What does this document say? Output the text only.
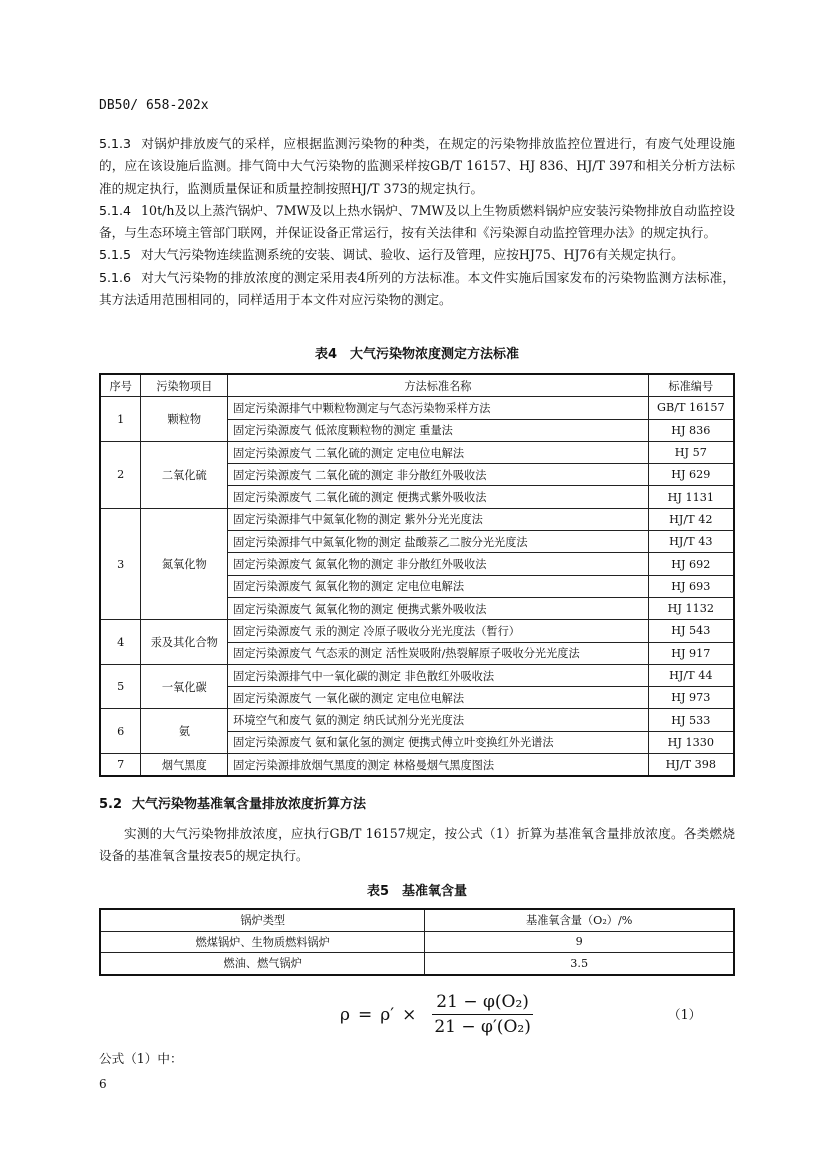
DB50/ 658-202x

5.1.3 对锅炉排放废气的采样，应根据监测污染物的种类，在规定的污染物排放监控位置进行，有废气处理设施的，应在该设施后监测。排气筒中大气污染物的监测采样按GB/T 16157、HJ 836、HJ/T 397和相关分析方法标准的规定执行，监测质量保证和质量控制按照HJ/T 373的规定执行。

5.1.4 10t/h及以上蒸汽锅炉、7MW及以上热水锅炉、7MW及以上生物质燃料锅炉应安装污染物排放自动监控设备，与生态环境主管部门联网，并保证设备正常运行，按有关法律和《污染源自动监控管理办法》的规定执行。

5.1.5 对大气污染物连续监测系统的安装、调试、验收、运行及管理，应按HJ75、HJ76有关规定执行。

5.1.6 对大气污染物的排放浓度的测定采用表4所列的方法标准。本文件实施后国家发布的污染物监测方法标准，其方法适用范围相同的，同样适用于本文件对应污染物的测定。

表4　大气污染物浓度测定方法标准
序号	污染物项目	方法标准名称	标准编号
1	颗粒物	固定污染源排气中颗粒物测定与气态污染物采样方法	GB/T 16157
		固定污染源废气 低浓度颗粒物的测定 重量法	HJ 836
2	二氧化硫	固定污染源废气 二氧化硫的测定 定电位电解法	HJ 57
		固定污染源废气 二氧化硫的测定 非分散红外吸收法	HJ 629
		固定污染源废气 二氧化硫的测定 便携式紫外吸收法	HJ 1131
3	氮氧化物	固定污染源排气中氮氧化物的测定 紫外分光光度法	HJ/T 42
		固定污染源排气中氮氧化物的测定 盐酸萘乙二胺分光光度法	HJ/T 43
		固定污染源废气 氮氧化物的测定 非分散红外吸收法	HJ 692
		固定污染源废气 氮氧化物的测定 定电位电解法	HJ 693
		固定污染源废气 氮氧化物的测定 便携式紫外吸收法	HJ 1132
4	汞及其化合物	固定污染源废气 汞的测定 冷原子吸收分光光度法（暂行）	HJ 543
		固定污染源废气 气态汞的测定 活性炭吸附/热裂解原子吸收分光光度法	HJ 917
5	一氧化碳	固定污染源排气中一氧化碳的测定 非色散红外吸收法	HJ/T 44
		固定污染源废气 一氧化碳的测定 定电位电解法	HJ 973
6	氨	环境空气和废气 氨的测定 纳氏试剂分光光度法	HJ 533
		固定污染源废气 氨和氯化氢的测定 便携式傅立叶变换红外光谱法	HJ 1330
7	烟气黑度	固定污染源排放烟气黑度的测定 林格曼烟气黑度图法	HJ/T 398
5.2 大气污染物基准氧含量排放浓度折算方法

实测的大气污染物排放浓度，应执行GB/T 16157规定，按公式（1）折算为基准氧含量排放浓度。各类燃烧设备的基准氧含量按表5的规定执行。

表5　基准氧含量
锅炉类型	基准氧含量（O₂）/%
燃煤锅炉、生物质燃料锅炉	9
燃油、燃气锅炉	3.5
$\rho = \rho' \times \frac{\text{21 − φ(O₂)}}{\text{21 − φ′(O₂)}}$	（1）
公式（1）中：
6
